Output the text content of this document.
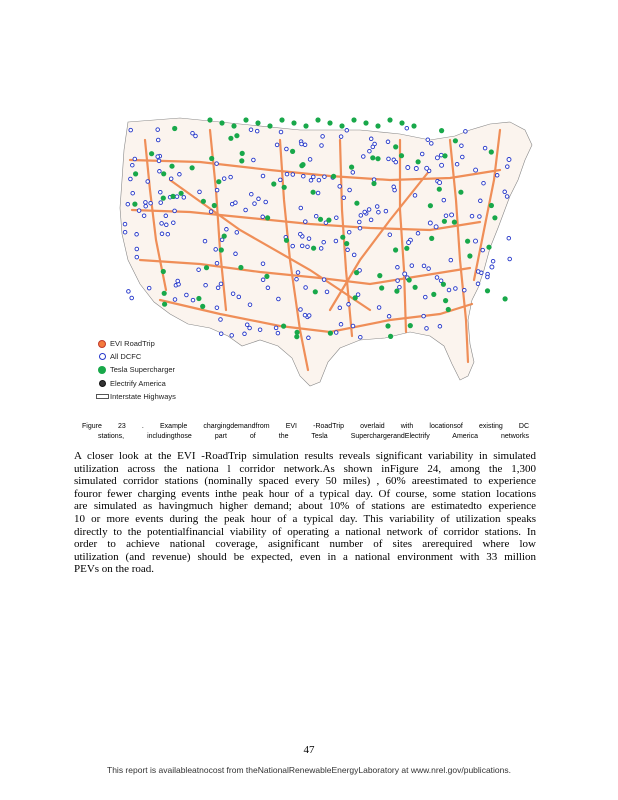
EVI RoadTrip
All DCFC
Tesla Supercharger
Electrify America
Interstate Highways
Figure 23 . Example chargingdemandfrom EVI -RoadTrip overlaid with locationsof existing DC
stations, includingthose part of the Tesla SuperchargerandElectrify America networks
A closer look at the EVI -RoadTrip simulation results reveals significant variability in simulated
utilization across the nationa l corridor network.As shown inFigure 24, among the 1,300
simulated corridor stations (nominally spaced every 50 miles) , 60% areestimated to experience
fouror fewer charging events inthe peak hour of a typical day. Of course, some station locations
are simulated as havingmuch higher demand; about 10% of stations are estimatedto experience
10 or more events during the peak hour of a typical day. This variability of utilization speaks
directly to the potentialfinancial viability of operating a national network of corridor stations. In
order to achieve national coverage, asignificant number of sites arerequired where low
utilization (and revenue) should be expected, even in a national environment with 33 million
PEVs on the road.
47
This report is availableatnocost from theNationalRenewableEnergyLaboratory at www.nrel.gov/publications.
